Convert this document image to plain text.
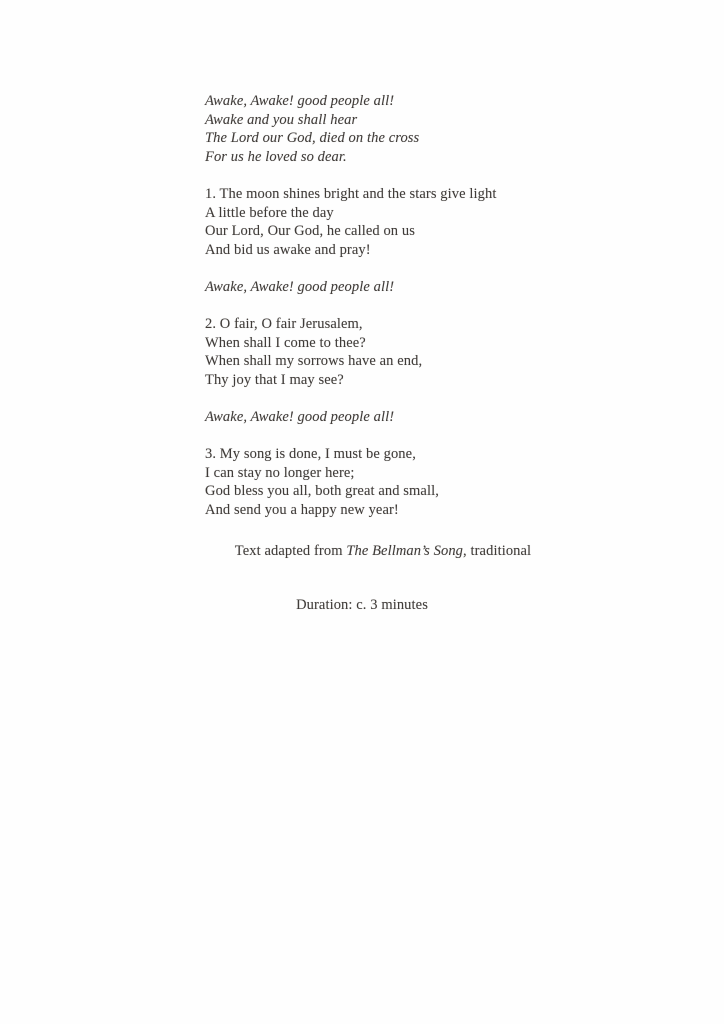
Awake, Awake! good people all!
Awake and you shall hear
The Lord our God, died on the cross
For us he loved so dear.
1. The moon shines bright and the stars give light
A little before the day
Our Lord, Our God, he called on us
And bid us awake and pray!
Awake, Awake! good people all!
2. O fair, O fair Jerusalem,
When shall I come to thee?
When shall my sorrows have an end,
Thy joy that I may see?
Awake, Awake! good people all!
3. My song is done, I must be gone,
I can stay no longer here;
God bless you all, both great and small,
And send you a happy new year!
Text adapted from The Bellman’s Song, traditional
Duration: c. 3 minutes
